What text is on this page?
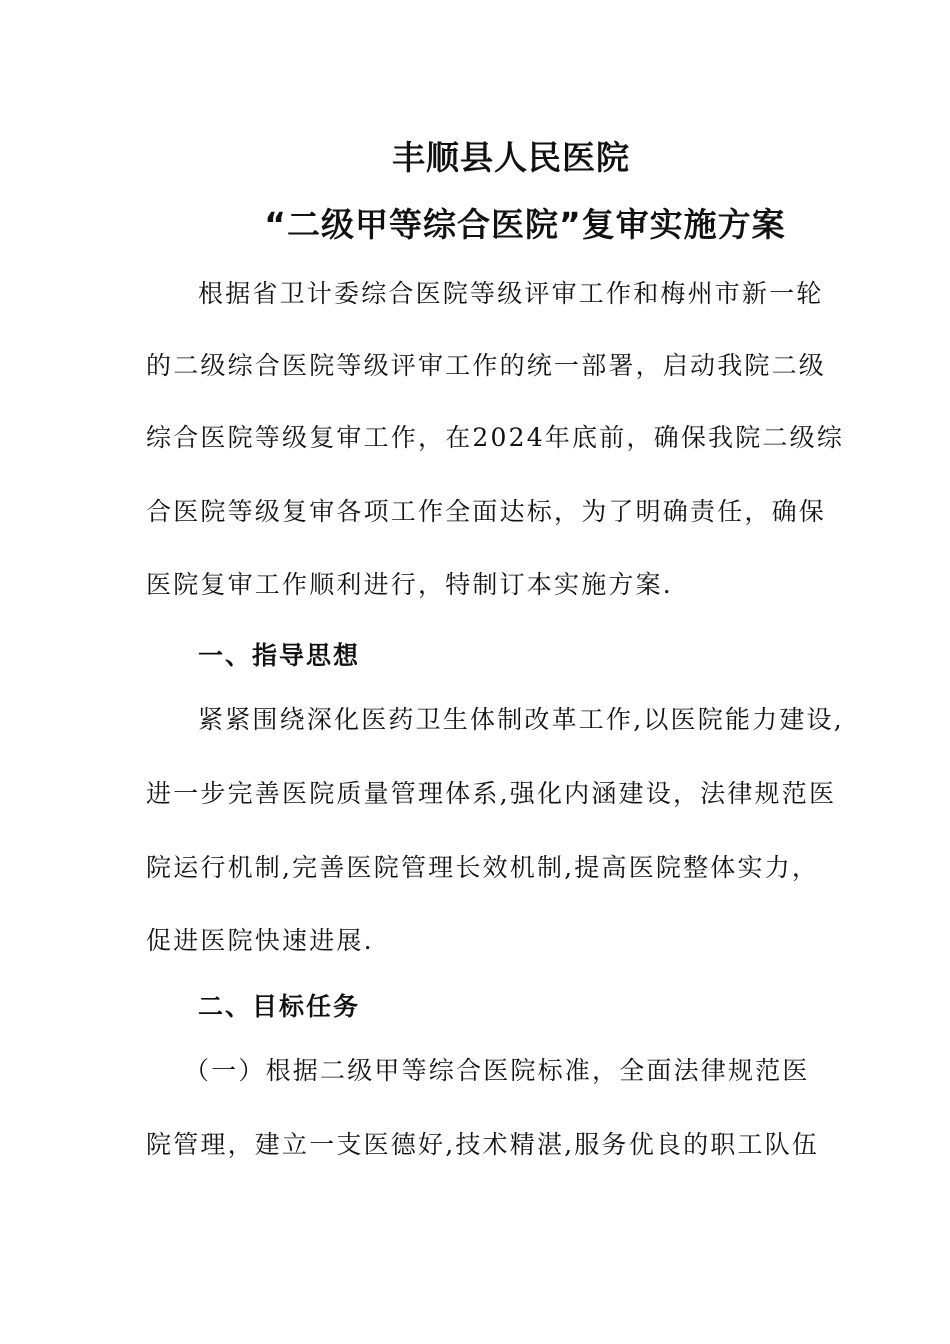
丰顺县人民医院
“二级甲等综合医院”复审实施方案
根据省卫计委综合医院等级评审工作和梅州市新一轮
的二级综合医院等级评审工作的统一部署，启动我院二级
综合医院等级复审工作，在2024年底前，确保我院二级综
合医院等级复审各项工作全面达标，为了明确责任，确保
医院复审工作顺利进行，特制订本实施方案.
一、指导思想
紧紧围绕深化医药卫生体制改革工作,以医院能力建设,
进一步完善医院质量管理体系,强化内涵建设，法律规范医
院运行机制,完善医院管理长效机制,提高医院整体实力，
促进医院快速进展.
二、目标任务
（一）根据二级甲等综合医院标准，全面法律规范医
院管理，建立一支医德好,技术精湛,服务优良的职工队伍
